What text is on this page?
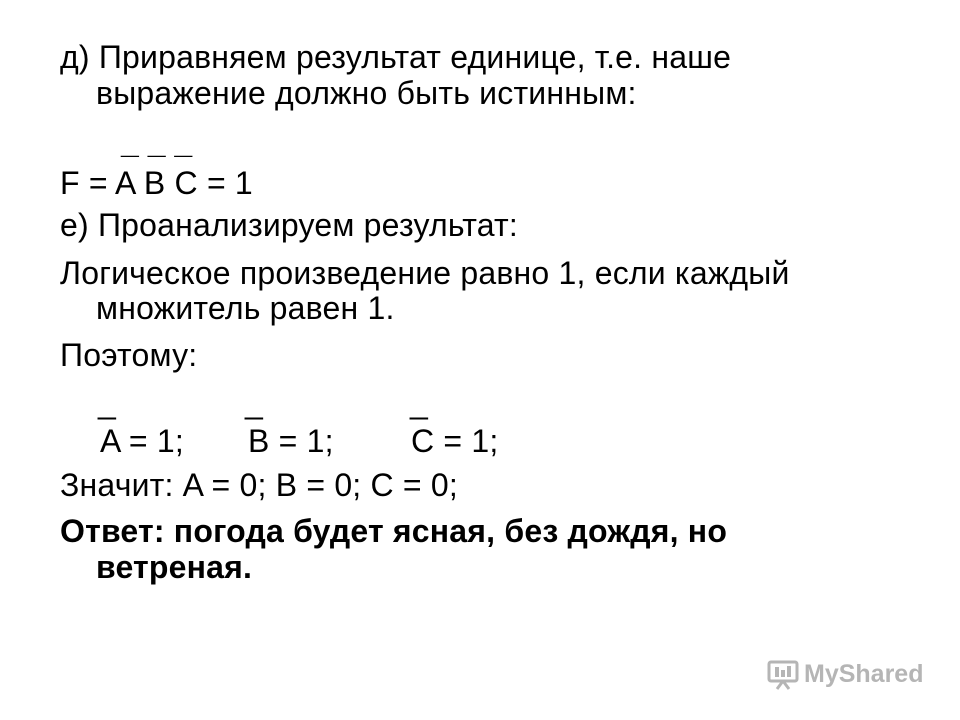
д) Приравняем результат единице, т.е. наше
выражение должно быть истинным:
_ _ _
F = A B C = 1
е) Проанализируем результат:
Логическое произведение равно 1, если каждый
множитель равен 1.
Поэтому:
_	_	_
A = 1; B = 1; C = 1;
Значит: A = 0; B = 0; C = 0;
Ответ: погода будет ясная, без дождя, но
ветреная.
MyShared
